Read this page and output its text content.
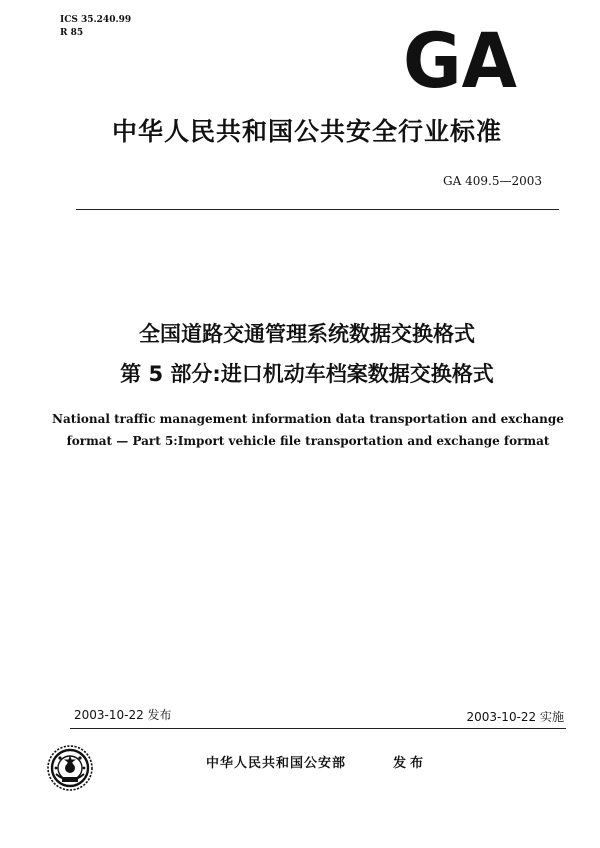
ICS 35.240.99
R 85	GA
中华人民共和国公共安全行业标准
GA 409.5—2003
全国道路交通管理系统数据交换格式
第 5 部分:进口机动车档案数据交换格式
National traffic management information data transportation and exchange
format — Part 5:Import vehicle file transportation and exchange format
2003-10-22 发布	2003-10-22 实施
中华人民共和国公安部	发布
